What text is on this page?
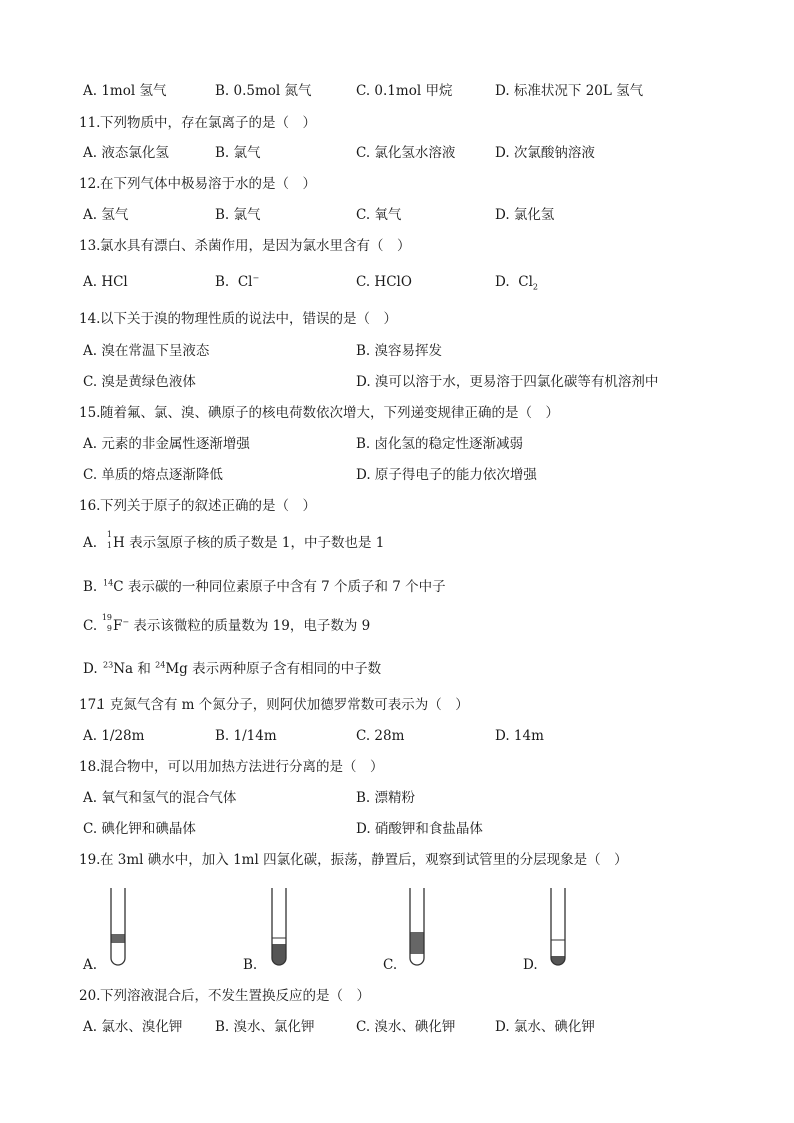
A. 1mol 氢气	B. 0.5mol 氮气	C. 0.1mol 甲烷	D. 标准状况下 20L 氢气
11. 下列物质中，存在氯离子的是（　）
A. 液态氯化氢	B. 氯气	C. 氯化氢水溶液	D. 次氯酸钠溶液
12. 在下列气体中极易溶于水的是（　）
A. 氢气	B. 氯气	C. 氧气	D. 氯化氢
13. 氯水具有漂白、杀菌作用，是因为氯水里含有（　）
A. HCl	B. Cl−	C. HClO	D. $Cl_2$
14. 以下关于溴的物理性质的说法中，错误的是（　）
A. 溴在常温下呈液态	B. 溴容易挥发
C. 溴是黄绿色液体	D. 溴可以溶于水，更易溶于四氯化碳等有机溶剂中
15. 随着氟、氯、溴、碘原子的核电荷数依次增大，下列递变规律正确的是（　）
A. 元素的非金属性逐渐增强	B. 卤化氢的稳定性逐渐减弱
C. 单质的熔点逐渐降低	D. 原子得电子的能力依次增强
16. 下列关于原子的叙述正确的是（　）
A.
1
1 H 表示氢原子核的质子数是 1，中子数也是 1
B. $^{14}$C 表示碳的一种同位素原子中含有 7 个质子和 7 个中子
C.
19
9 F− 表示该微粒的质量数为 19，电子数为 9
D. $^{23}$Na 和 $^{24}$Mg 表示两种原子含有相同的中子数
17.
1 克氮气含有 m 个氮分子，则阿伏加德罗常数可表示为（　）
A. 1/28m	B. 1/14m	C. 28m	D. 14m
18. 混合物中，可以用加热方法进行分离的是（　）
A. 氧气和氢气的混合气体	B. 漂精粉
C. 碘化钾和碘晶体	D. 硝酸钾和食盐晶体
19. 在 3ml 碘水中，加入 1ml 四氯化碳，振荡，静置后，观察到试管里的分层现象是（　）
A.	B.	C.	D.
20. 下列溶液混合后，不发生置换反应的是（　）
A. 氯水、溴化钾 B. 溴水、氯化钾	C. 溴水、碘化钾	D. 氯水、碘化钾
